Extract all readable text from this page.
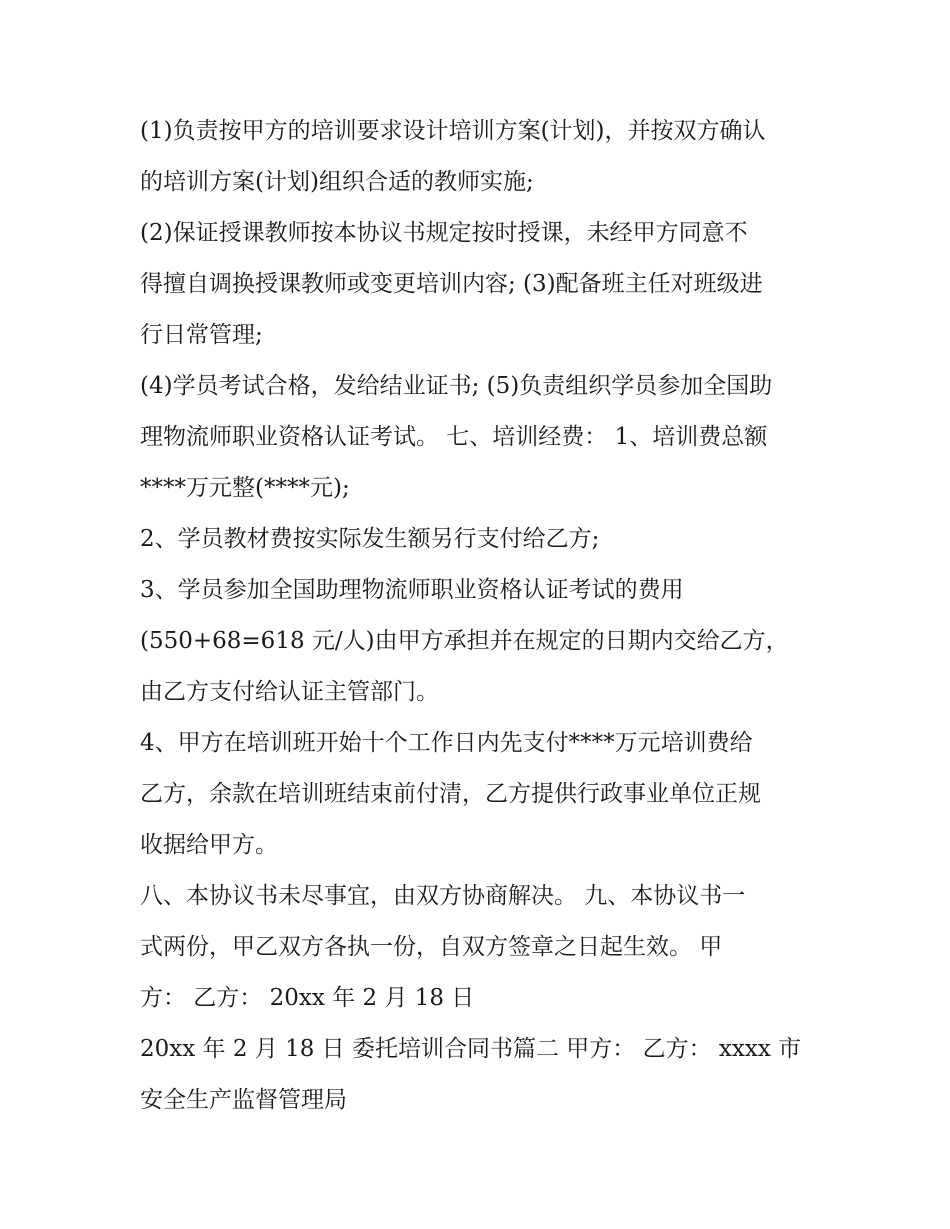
(1)负责按甲方的培训要求设计培训方案(计划)，并按双方确认
的培训方案(计划)组织合适的教师实施;
(2)保证授课教师按本协议书规定按时授课，未经甲方同意不
得擅自调换授课教师或变更培训内容; (3)配备班主任对班级进
行日常管理;
(4)学员考试合格，发给结业证书; (5)负责组织学员参加全国助
理物流师职业资格认证考试。 七、培训经费： 1、培训费总额
****万元整(****元);
2、学员教材费按实际发生额另行支付给乙方;
3、学员参加全国助理物流师职业资格认证考试的费用
(550+68=618 元/人)由甲方承担并在规定的日期内交给乙方，
由乙方支付给认证主管部门。
4、甲方在培训班开始十个工作日内先支付****万元培训费给
乙方，余款在培训班结束前付清，乙方提供行政事业单位正规
收据给甲方。
八、本协议书未尽事宜，由双方协商解决。 九、本协议书一
式两份，甲乙双方各执一份，自双方签章之日起生效。 甲
方： 乙方： 20xx 年 2 月 18 日
20xx 年 2 月 18 日 委托培训合同书篇二 甲方： 乙方： xxxx 市
安全生产监督管理局
